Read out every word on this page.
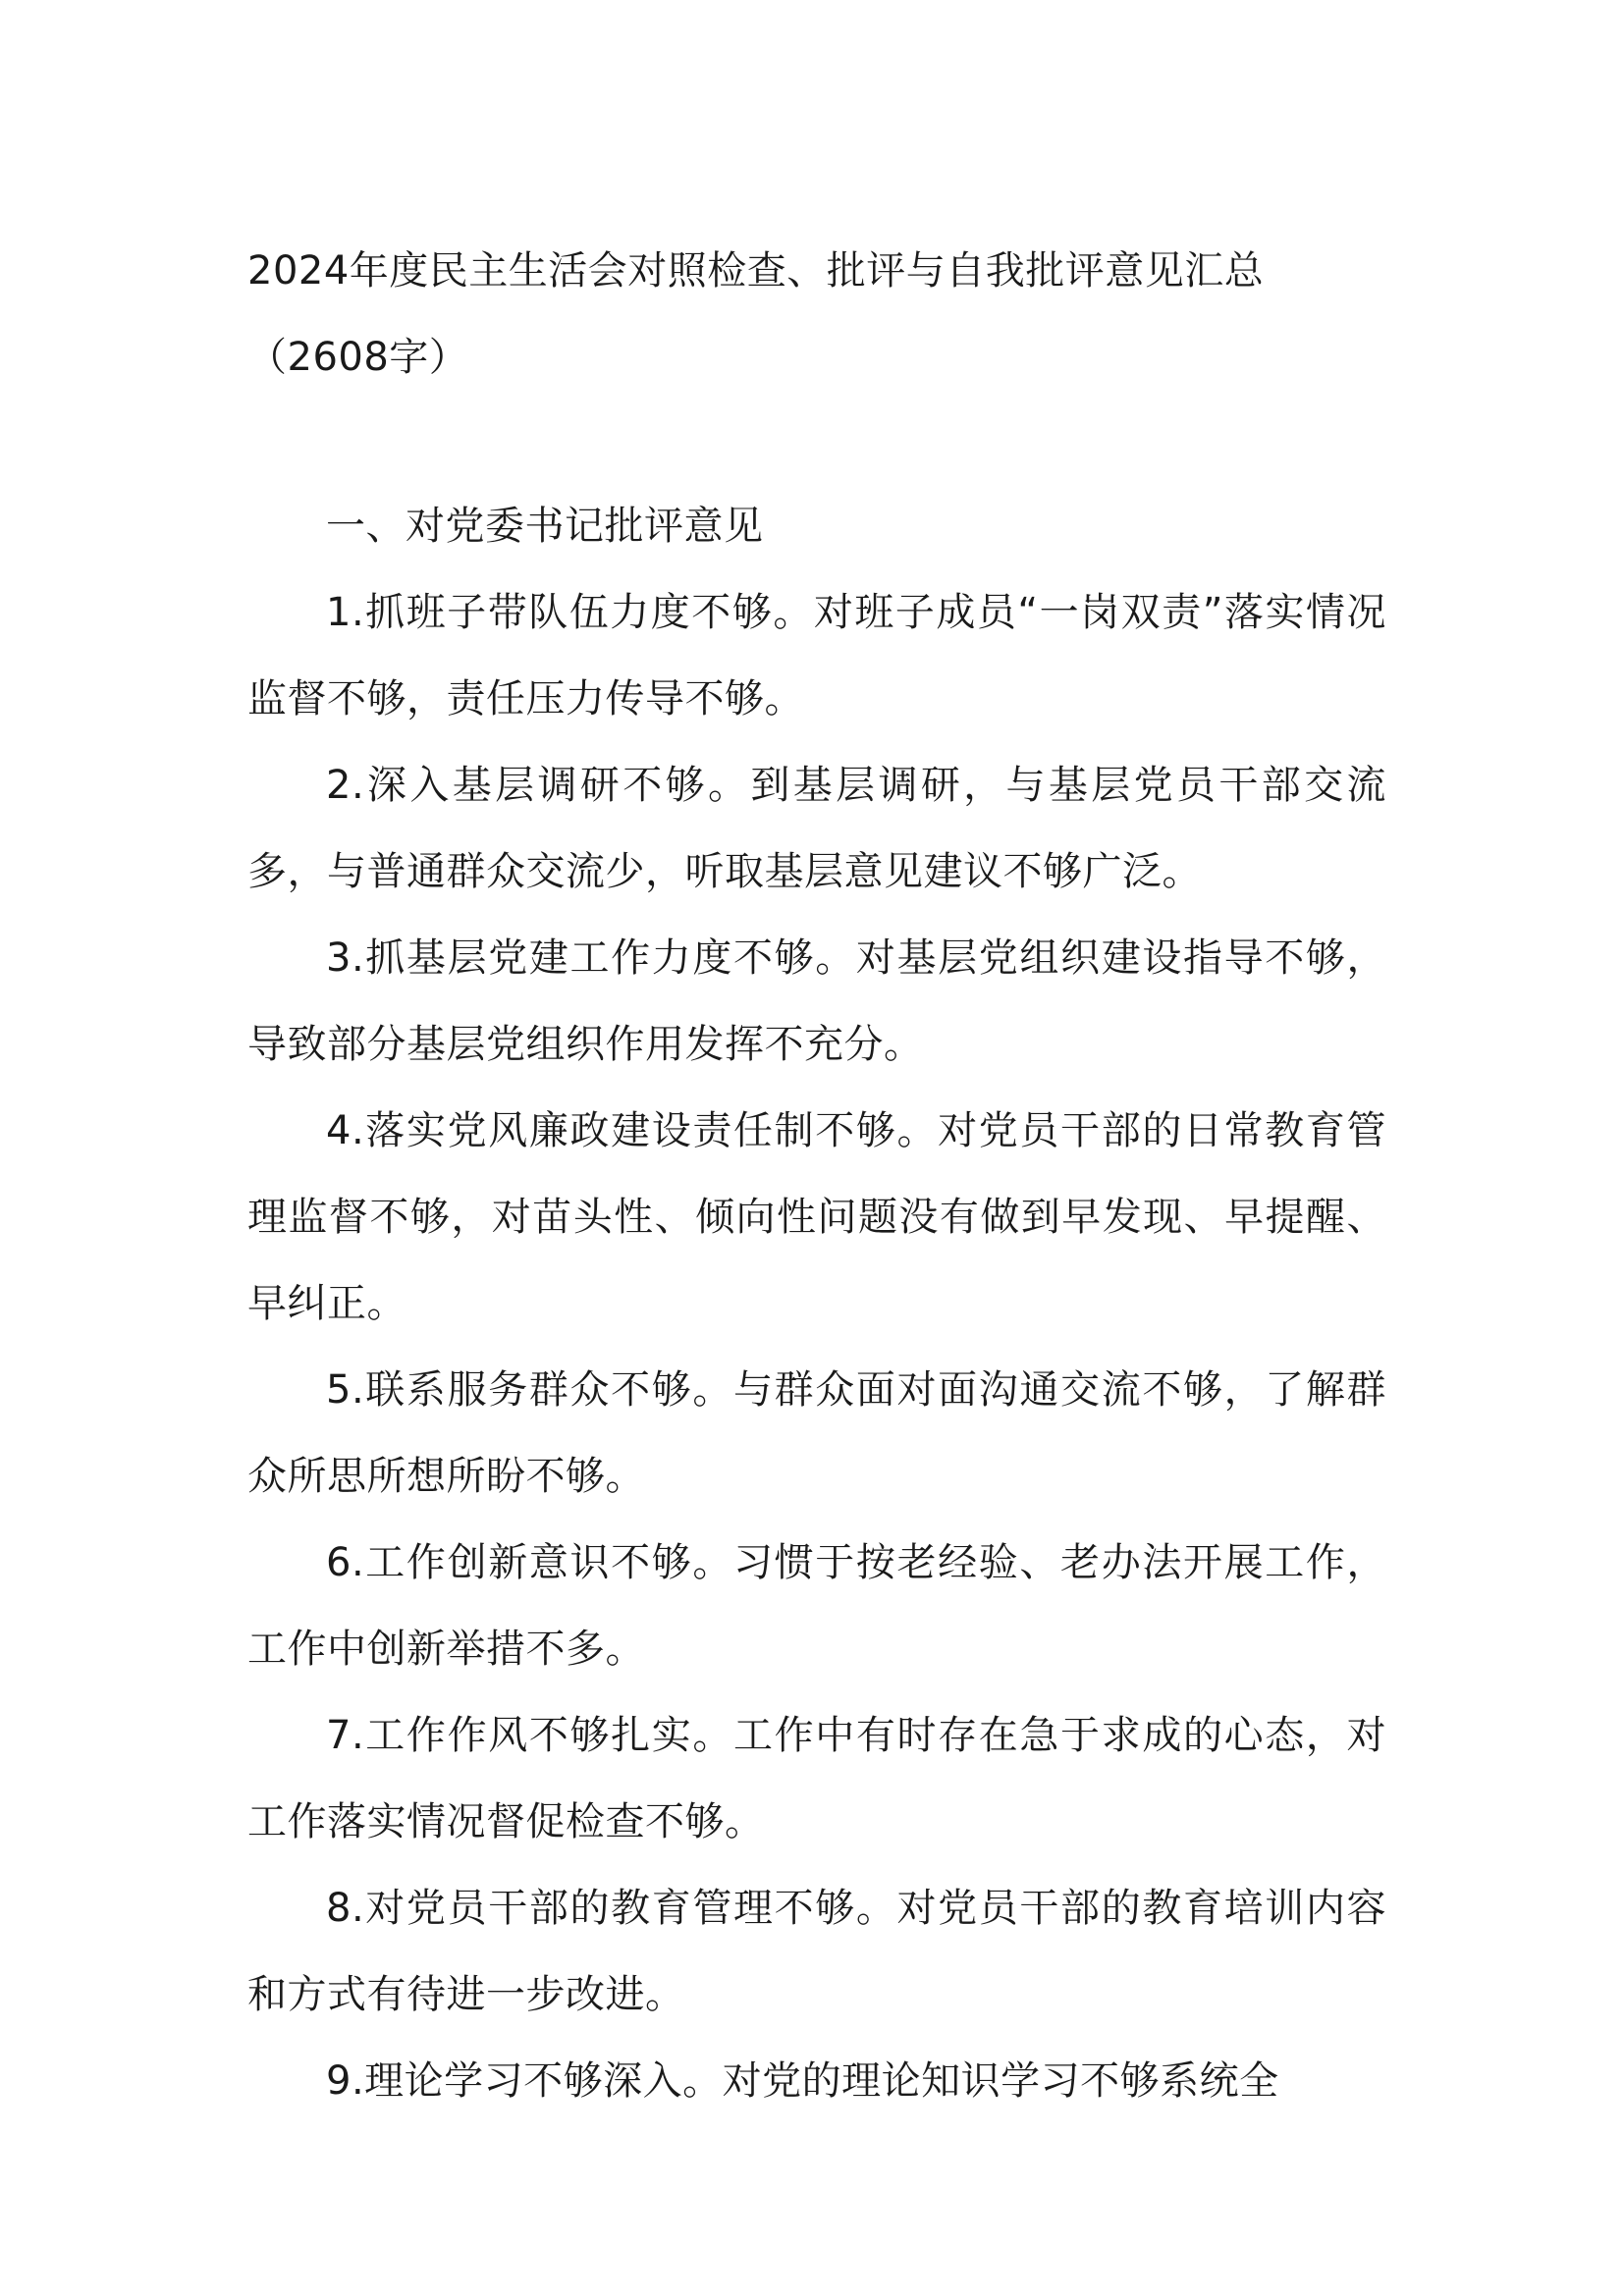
2024年度民主生活会对照检查、批评与自我批评意见汇总

（2608字）

一、对党委书记批评意见

1.抓班子带队伍力度不够。对班子成员“一岗双责”落实情况监督不够，责任压力传导不够。

2.深入基层调研不够。到基层调研，与基层党员干部交流多，与普通群众交流少，听取基层意见建议不够广泛。

3.抓基层党建工作力度不够。对基层党组织建设指导不够，导致部分基层党组织作用发挥不充分。

4.落实党风廉政建设责任制不够。对党员干部的日常教育管理监督不够，对苗头性、倾向性问题没有做到早发现、早提醒、早纠正。

5.联系服务群众不够。与群众面对面沟通交流不够，了解群众所思所想所盼不够。

6.工作创新意识不够。习惯于按老经验、老办法开展工作，工作中创新举措不多。

7.工作作风不够扎实。工作中有时存在急于求成的心态，对工作落实情况督促检查不够。

8.对党员干部的教育管理不够。对党员干部的教育培训内容和方式有待进一步改进。

9.理论学习不够深入。对党的理论知识学习不够系统全
